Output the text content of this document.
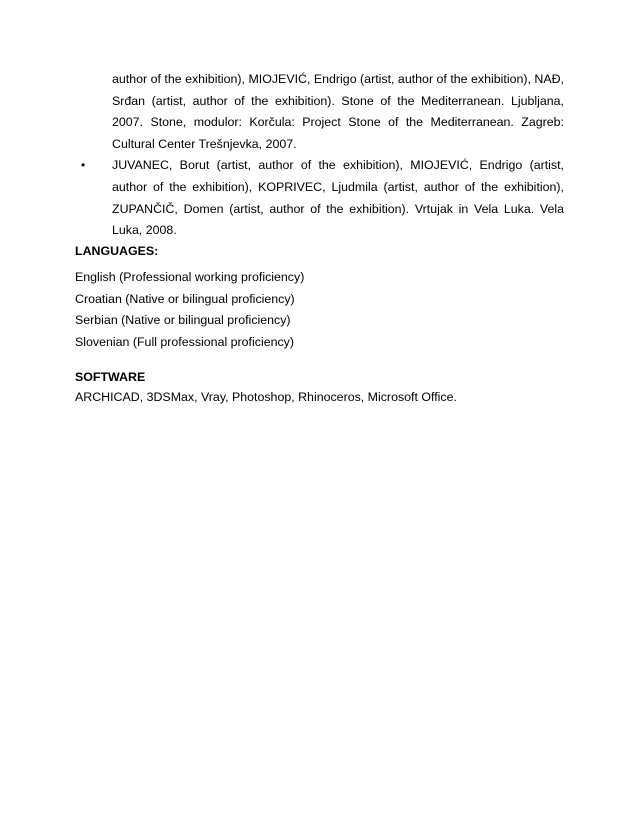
author of the exhibition), MIOJEVIĆ, Endrigo (artist, author of the exhibition), NAĐ, Srđan (artist, author of the exhibition). Stone of the Mediterranean. Ljubljana, 2007. Stone, modulor: Korčula: Project Stone of the Mediterranean. Zagreb: Cultural Center Trešnjevka, 2007.
• JUVANEC, Borut (artist, author of the exhibition), MIOJEVIĆ, Endrigo (artist, author of the exhibition), KOPRIVEC, Ljudmila (artist, author of the exhibition), ZUPANČIČ, Domen (artist, author of the exhibition). Vrtujak in Vela Luka. Vela Luka, 2008.
LANGUAGES:
English (Professional working proficiency)
Croatian (Native or bilingual proficiency)
Serbian (Native or bilingual proficiency)
Slovenian (Full professional proficiency)
SOFTWARE
ARCHICAD, 3DSMax, Vray, Photoshop, Rhinoceros, Microsoft Office.
